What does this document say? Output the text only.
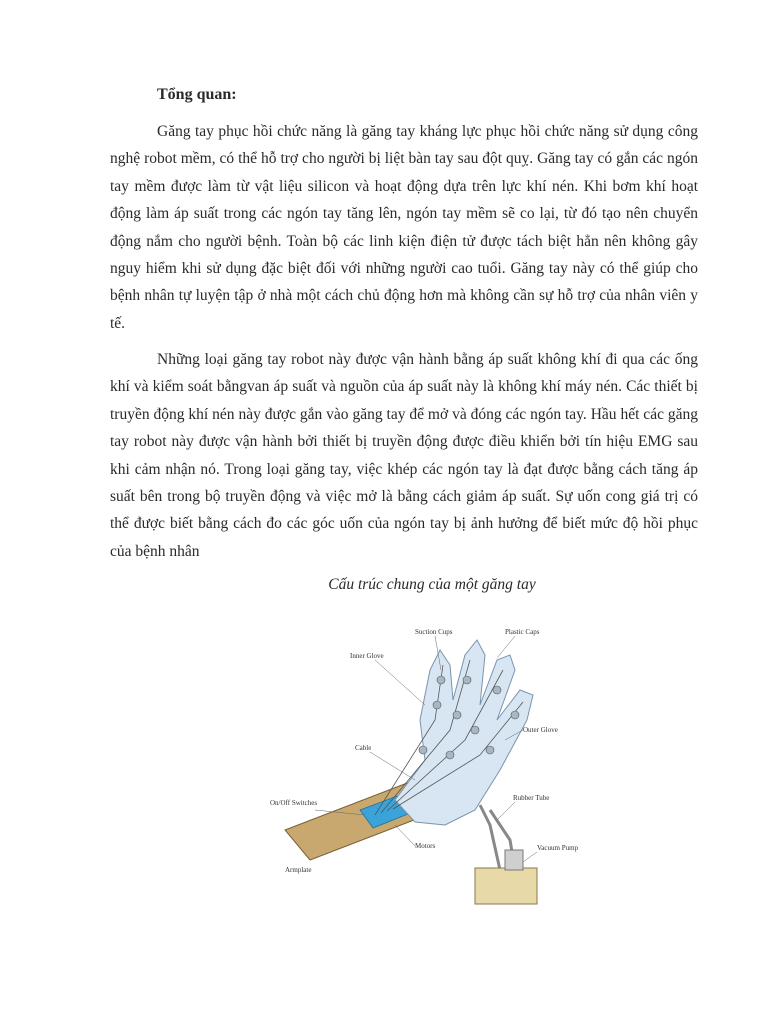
Tổng quan:

Găng tay phục hồi chức năng là găng tay kháng lực phục hồi chức năng sử dụng công nghệ robot mềm, có thể hỗ trợ cho người bị liệt bàn tay sau đột quỵ. Găng tay có gắn các ngón tay mềm được làm từ vật liệu silicon và hoạt động dựa trên lực khí nén. Khi bơm khí hoạt động làm áp suất trong các ngón tay tăng lên, ngón tay mềm sẽ co lại, từ đó tạo nên chuyển động nắm cho người bệnh. Toàn bộ các linh kiện điện tử được tách biệt hẳn nên không gây nguy hiểm khi sử dụng đặc biệt đối với những người cao tuổi. Găng tay này có thể giúp cho bệnh nhân tự luyện tập ở nhà một cách chủ động hơn mà không cần sự hỗ trợ của nhân viên y tế.

Những loại găng tay robot này được vận hành bằng áp suất không khí đi qua các ống khí và kiểm soát bằngvan áp suất và nguồn của áp suất này là không khí máy nén. Các thiết bị truyền động khí nén này được gắn vào găng tay để mở và đóng các ngón tay. Hầu hết các găng tay robot này được vận hành bởi thiết bị truyền động được điều khiển bởi tín hiệu EMG sau khi cảm nhận nó. Trong loại găng tay, việc khép các ngón tay là đạt được bằng cách tăng áp suất bên trong bộ truyền động và việc mở là bằng cách giảm áp suất. Sự uốn cong giá trị có thể được biết bằng cách đo các góc uốn của ngón tay bị ảnh hưởng để biết mức độ hồi phục của bệnh nhân

Cấu trúc chung của một găng tay
Suction Cups	Plastic Caps
Inner Glove
Outer Glove
Cable
Rubber Tube
On/Off Switches
Motors
Armplate
Vacuum Pump
